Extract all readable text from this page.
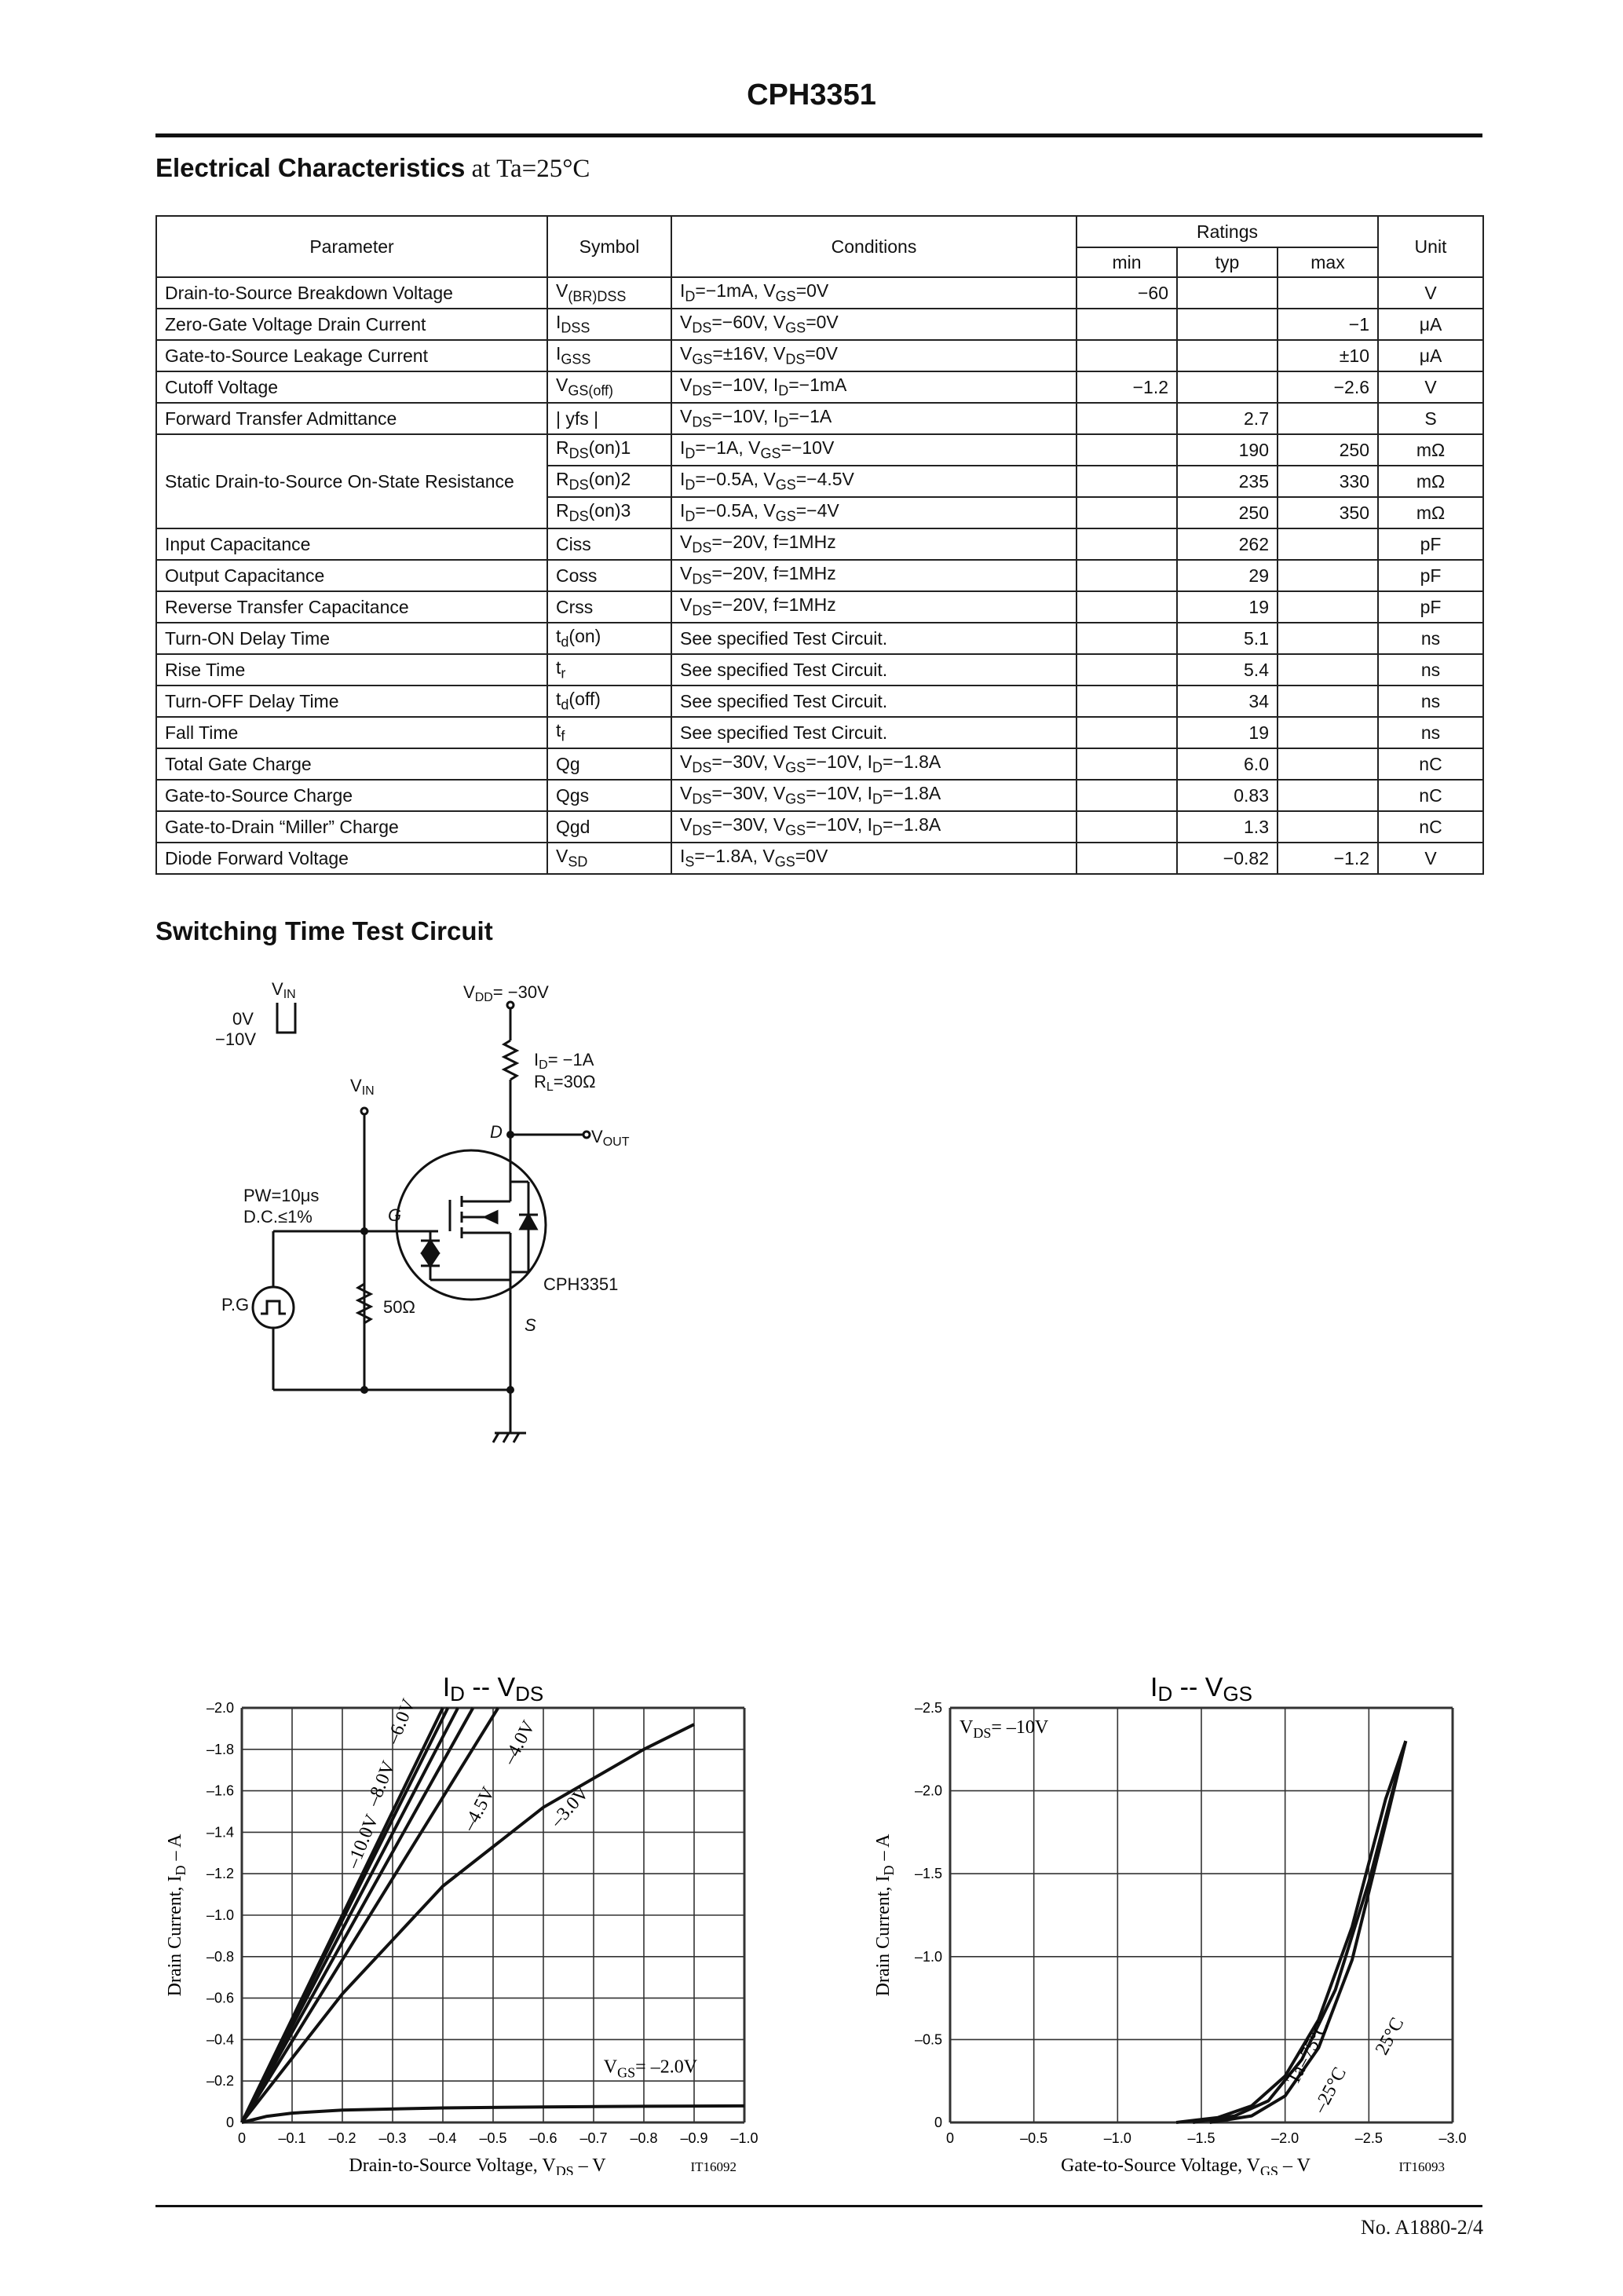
CPH3351
Electrical Characteristics at Ta=25°C
Parameter	Symbol	Conditions	Ratings			Unit
			min	typ	max	
Drain-to-Source Breakdown Voltage	$V_{(BR)DSS}$	$I_D=-1mA$, $V_{GS}=0V$	−60			V
Zero-Gate Voltage Drain Current	$I_{DSS}$	$V_{DS}=-60V$, $V_{GS}=0V$			−1	μA
Gate-to-Source Leakage Current	$I_{GSS}$	$V_{GS}=\pm 16V$, $V_{DS}=0V$			±10	μA
Cutoff Voltage	$V_{GS(off)}$	$V_{DS}=-10V$, $I_D=-1mA$	−1.2		−2.6	V
Forward Transfer Admittance	| yfs |	$V_{DS}=-10V$, $I_D=-1A$		2.7		S
Static Drain-to-Source On-State Resistance	$R_{DS}(on)1$	$I_D=-1A$, $V_{GS}=-10V$		190	250	mΩ
	$R_{DS}(on)2$	$I_D=-0.5A$, $V_{GS}=-4.5V$		235	330	mΩ
	$R_{DS}(on)3$	$I_D=-0.5A$, $V_{GS}=-4V$		250	350	mΩ
Input Capacitance	Ciss	$V_{DS}=-20V$, f=1MHz		262		pF
Output Capacitance	Coss	$V_{DS}=-20V$, f=1MHz		29		pF
Reverse Transfer Capacitance	Crss	$V_{DS}=-20V$, f=1MHz		19		pF
Turn-ON Delay Time	$t_d(on)$	See specified Test Circuit.		5.1		ns
Rise Time	$t_r$	See specified Test Circuit.		5.4		ns
Turn-OFF Delay Time	$t_d(off)$	See specified Test Circuit.		34		ns
Fall Time	$t_f$	See specified Test Circuit.		19		ns
Total Gate Charge	Qg	$V_{DS}=-30V$, $V_{GS}=-10V$, $I_D=-1.8A$		6.0		nC
Gate-to-Source Charge	Qgs	$V_{DS}=-30V$, $V_{GS}=-10V$, $I_D=-1.8A$		0.83		nC
Gate-to-Drain “Miller” Charge	Qgd	$V_{DS}=-30V$, $V_{GS}=-10V$, $I_D=-1.8A$		1.3		nC
Diode Forward Voltage	$V_{SD}$	$I_S=-1.8A$, $V_{GS}=0V$		−0.82	−1.2	V
Switching Time Test Circuit
VIN
0V
−10V
VIN
VDD= −30V
ID= −1A
RL=30Ω
D	VOUT
PW=10μs
D.C.≤1%	G
S
CPH3351
P.G	50Ω
ID -- VDS
0 –0.1 –0.2 –0.3 –0.4 –0.5 –0.6 –0.7 –0.8 –0.9 –1.0
0
–0.2
–0.4
–0.6
–0.8
–1.0
–1.2
–1.4
–1.6
–1.8
–2.0
Drain-to-Source Voltage, $V_{DS}$ – V	IT16092
Drain Current, $I_D$ – A	–10.0V
–8.0V
–6.0V
–4.5V
–4.0V
–3.0V
$V_{GS}= -2.0V$
ID -- VGS
0	–0.5	–1.0	–1.5	–2.0	–2.5	–3.0
0
–0.5
–1.0
–1.5
–2.0
–2.5
Gate-to-Source Voltage, $V_{GS}$ – V	IT16093
Drain Current, $I_D$ – A
$V_{DS}= -10V$
Ta=75°C
–25°C
25°C
No. A1880-2/4
